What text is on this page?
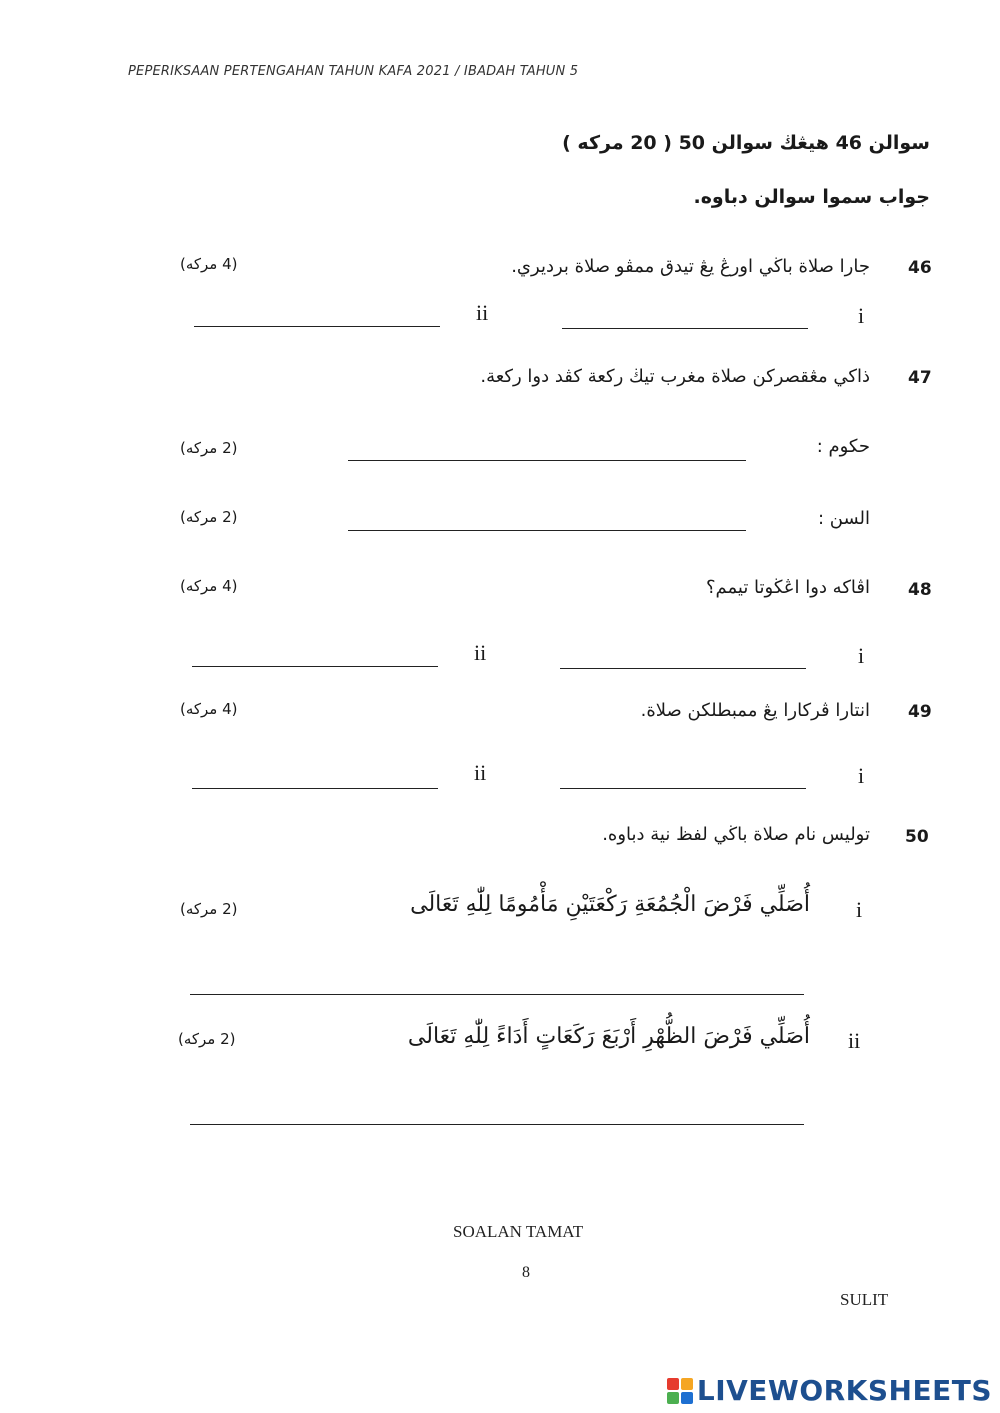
PEPERIKSAAN PERTENGAHAN TAHUN KAFA 2021 / IBADAH TAHUN 5
سوالن 46 هيڠڬ سوالن 50 ( 20 مركه )
جواب سموا سوالن دباوه.
46
جارا صلاة باڬي اورڠ يڠ تيدق ممڤو صلاة برديري.
(4 مركه)
i
ii
47
ذاكي مڠقصركن صلاة مغرب تيڬ ركعة كڤد دوا ركعة.
حكوم :
(2 مركه)
السن :
(2 مركه)
48
اڤاكه دوا اڠڬوتا تيمم؟
(4 مركه)
i
ii
49
انتارا ڤركارا يڠ ممبطلكن صلاة.
(4 مركه)
i
ii
50
توليس نام صلاة باڬي لفظ نية دباوه.
i
أُصَلِّي فَرْضَ الْجُمُعَةِ رَكْعَتَيْنِ مَأْمُومًا لِلّٰهِ تَعَالَى
(2 مركه)
ii
أُصَلِّي فَرْضَ الظُّهْرِ أَرْبَعَ رَكَعَاتٍ أَدَاءً لِلّٰهِ تَعَالَى
(2 مركه)
SOALAN TAMAT
8
SULIT
LIVEWORKSHEETS
